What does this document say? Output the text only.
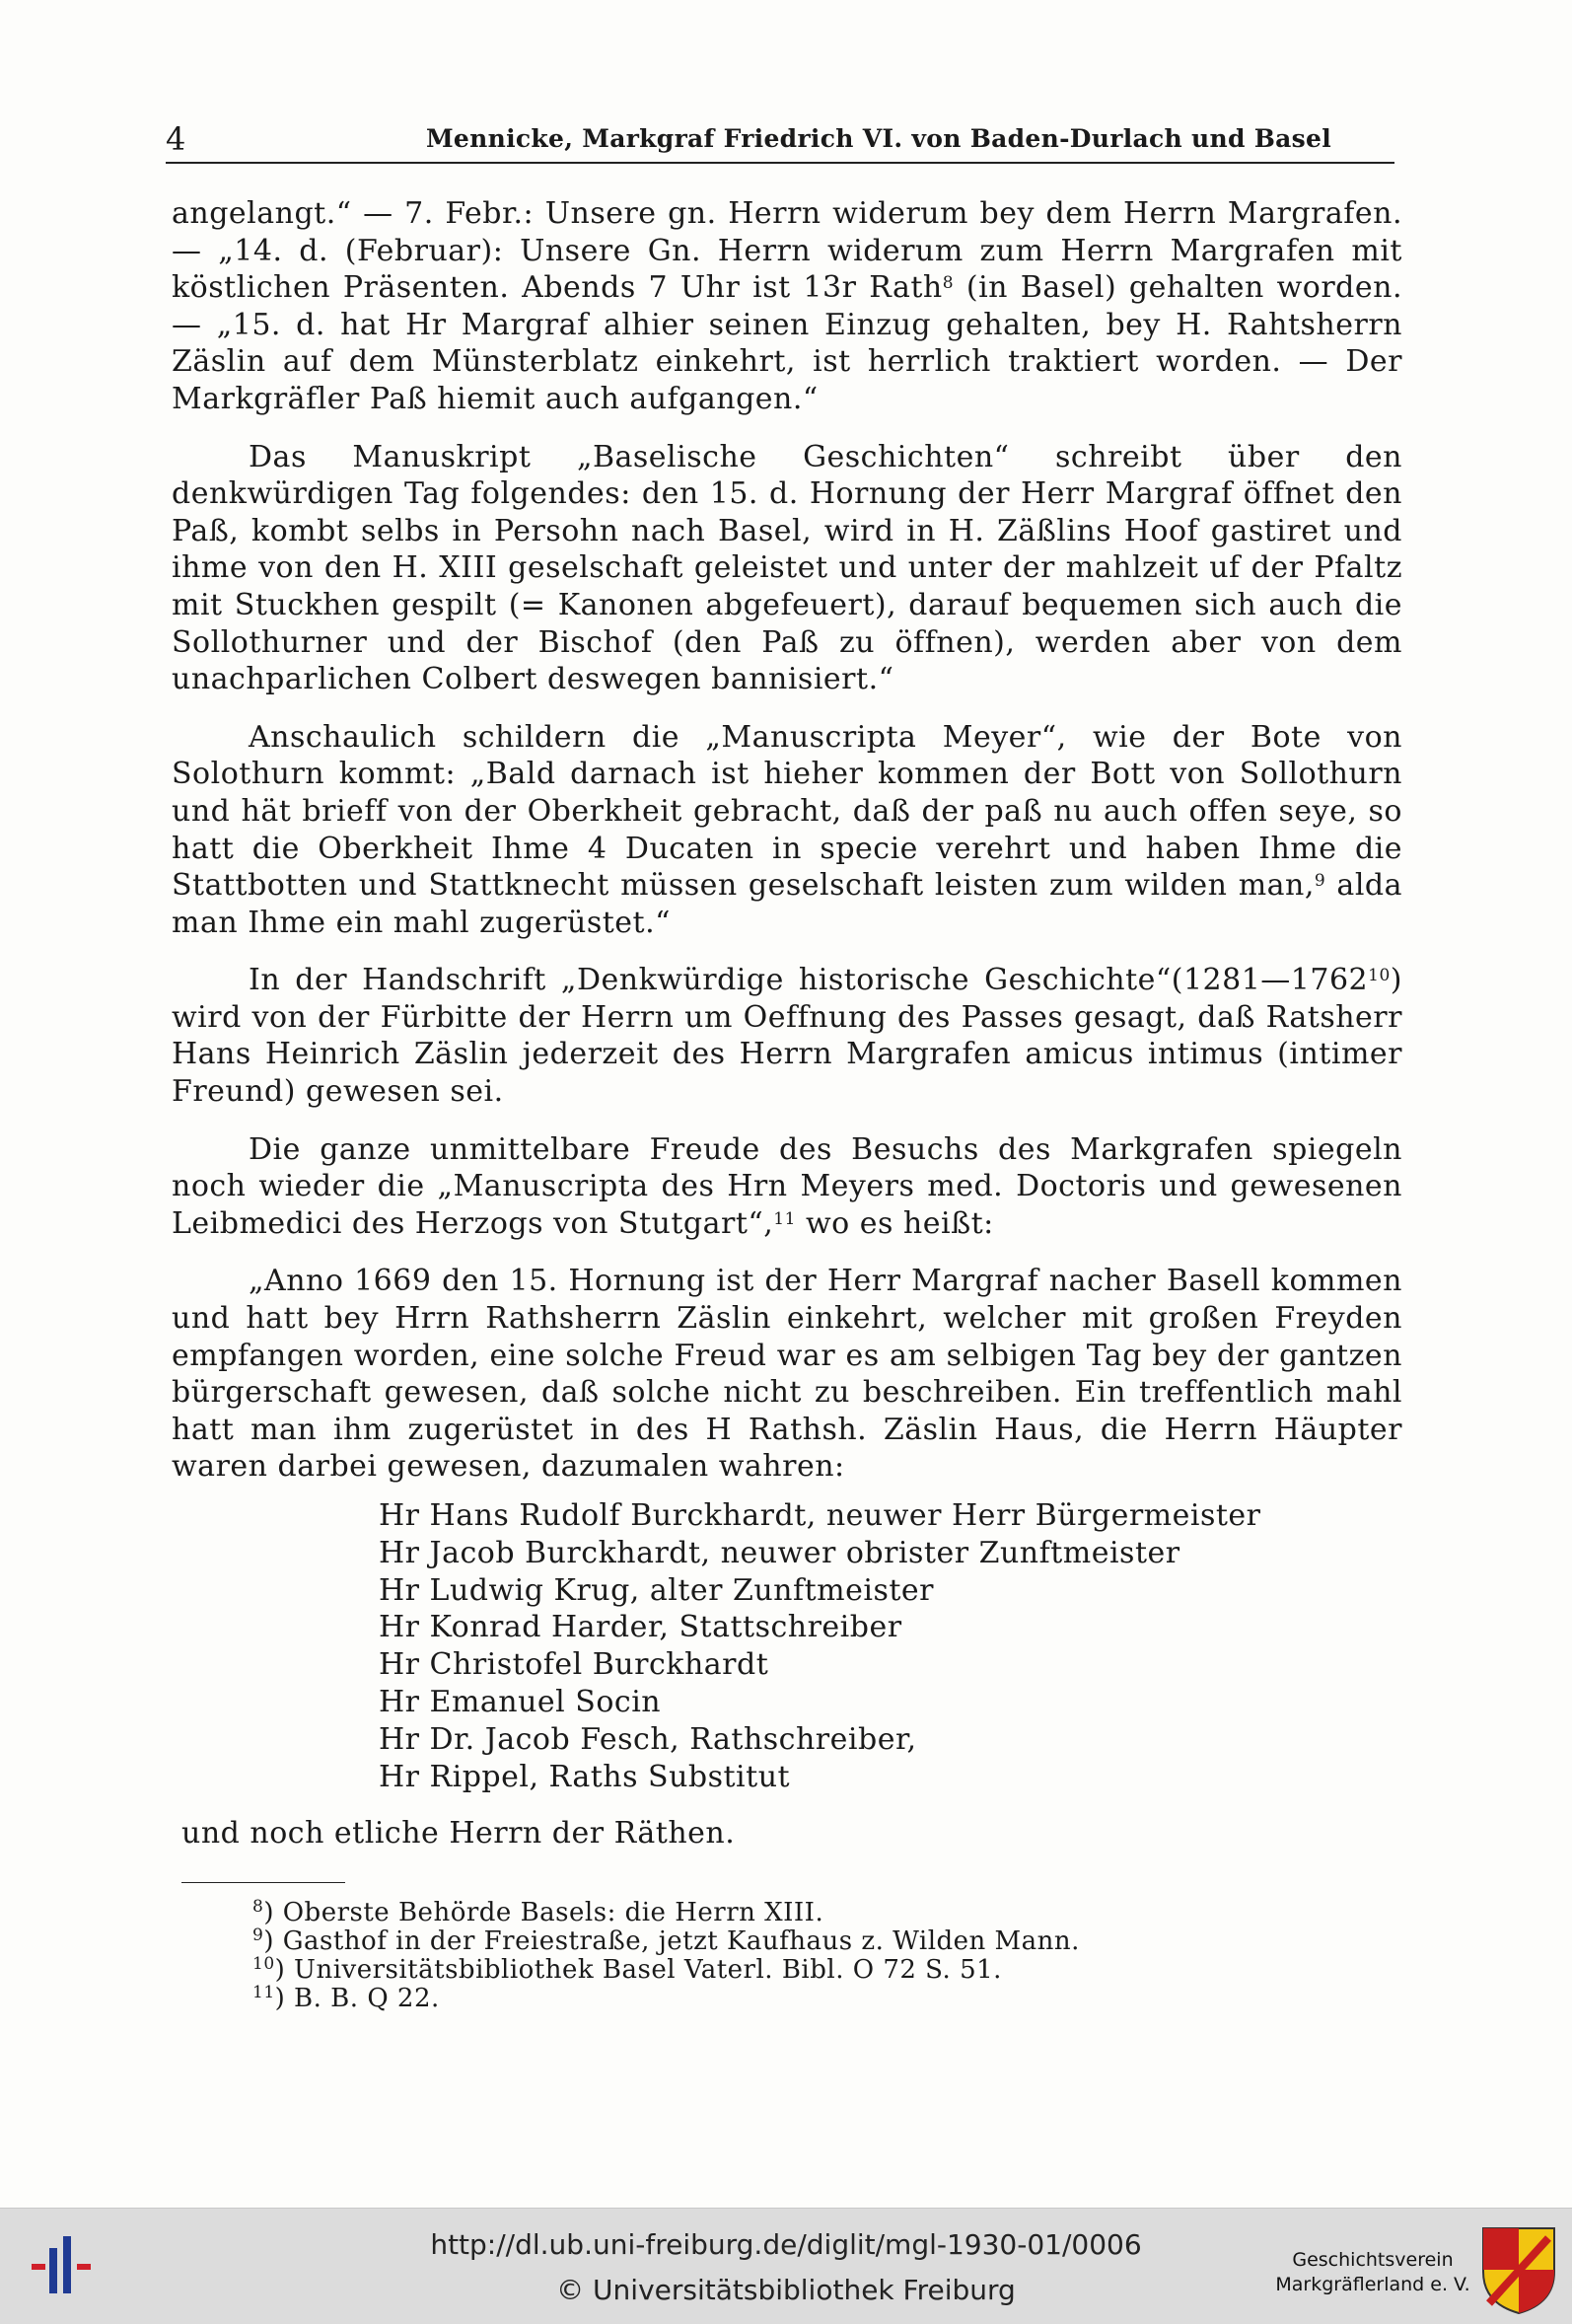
4	Mennicke, Markgraf Friedrich VI. von Baden-Durlach und Basel

angelangt.“ — 7. Febr.: Unsere gn. Herrn widerum bey dem Herrn Margrafen. — „14. d. (Februar): Unsere Gn. Herrn widerum zum Herrn Margrafen mit köstlichen Präsenten. Abends 7 Uhr ist 13r Rath$^8$ (in Basel) gehalten worden. — „15. d. hat Hr Margraf alhier seinen Einzug gehalten, bey H. Rahtsherrn Zäslin auf dem Münsterblatz einkehrt, ist herrlich traktiert worden. — Der Markgräfler Paß hiemit auch aufgangen.“

Das Manuskript „Baselische Geschichten“ schreibt über den denkwürdigen Tag folgendes: den 15. d. Hornung der Herr Margraf öffnet den Paß, kombt selbs in Persohn nach Basel, wird in H. Zäßlins Hoof gastiret und ihme von den H. XIII geselschaft geleistet und unter der mahlzeit uf der Pfaltz mit Stuckhen gespilt (= Kanonen abgefeuert), darauf bequemen sich auch die Sollothurner und der Bischof (den Paß zu öffnen), werden aber von dem unachparlichen Colbert deswegen bannisiert.“

Anschaulich schildern die „Manuscripta Meyer“, wie der Bote von Solothurn kommt: „Bald darnach ist hieher kommen der Bott von Sollothurn und hät brieff von der Oberkheit gebracht, daß der paß nu auch offen seye, so hatt die Oberkheit Ihme 4 Ducaten in specie verehrt und haben Ihme die Stattbotten und Stattknecht müssen geselschaft leisten zum wilden man,$^9$ alda man Ihme ein mahl zugerüstet.“

In der Handschrift „Denkwürdige historische Geschichte“(1281—1762$^{10}$) wird von der Fürbitte der Herrn um Oeffnung des Passes gesagt, daß Ratsherr Hans Heinrich Zäslin jederzeit des Herrn Margrafen amicus intimus (intimer Freund) gewesen sei.

Die ganze unmittelbare Freude des Besuchs des Markgrafen spiegeln noch wieder die „Manuscripta des Hrn Meyers med. Doctoris und gewesenen Leibmedici des Herzogs von Stutgart“,$^{11}$ wo es heißt:

„Anno 1669 den 15. Hornung ist der Herr Margraf nacher Basell kommen und hatt bey Hrrn Rathsherrn Zäslin einkehrt, welcher mit großen Freyden empfangen worden, eine solche Freud war es am selbigen Tag bey der gantzen bürgerschaft gewesen, daß solche nicht zu beschreiben. Ein treffentlich mahl hatt man ihm zugerüstet in des H Rathsh. Zäslin Haus, die Herrn Häupter waren darbei gewesen, dazumalen wahren:

Hr Hans Rudolf Burckhardt, neuwer Herr Bürgermeister
Hr Jacob Burckhardt, neuwer obrister Zunftmeister
Hr Ludwig Krug, alter Zunftmeister
Hr Konrad Harder, Stattschreiber
Hr Christofel Burckhardt
Hr Emanuel Socin
Hr Dr. Jacob Fesch, Rathschreiber,
Hr Rippel, Raths Substitut

und noch etliche Herrn der Räthen.

$^8$) Oberste Behörde Basels: die Herrn XIII.
$^9$) Gasthof in der Freiestraße, jetzt Kaufhaus z. Wilden Mann.
$^{10}$) Universitätsbibliothek Basel Vaterl. Bibl. O 72 S. 51.
$^{11}$) B. B. Q 22.
http://dl.ub.uni-freiburg.de/diglit/mgl-1930-01/0006
© Universitätsbibliothek Freiburg
Geschichtsverein
Markgräflerland e. V.
